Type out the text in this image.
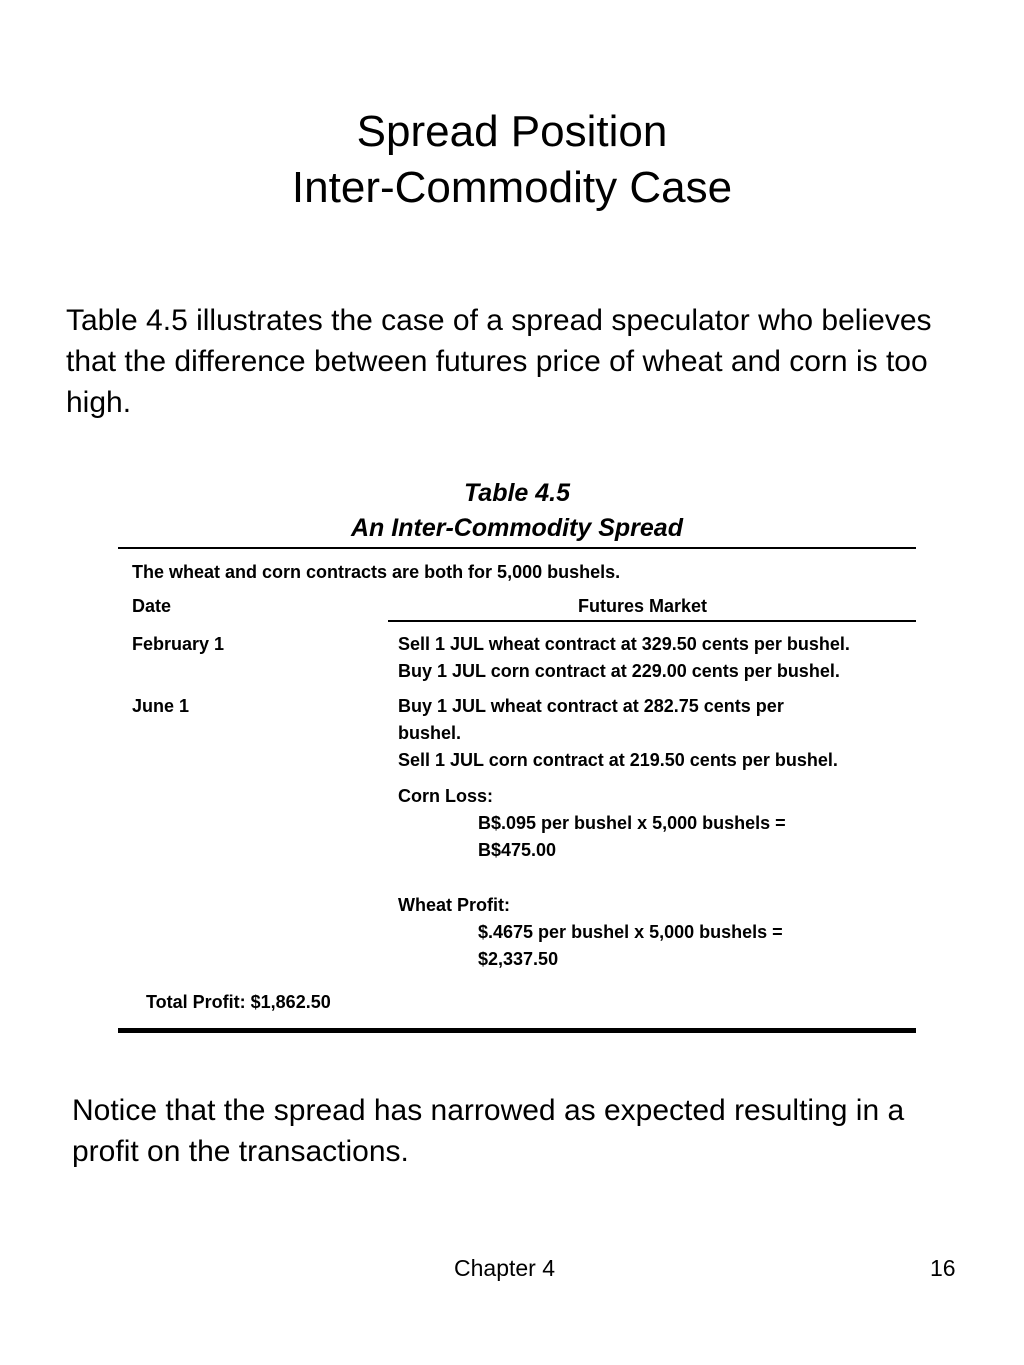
Spread Position
Inter-Commodity Case
Table 4.5 illustrates the case of a spread speculator who believes that the difference between futures price of wheat and corn is too high.
Table 4.5
An Inter-Commodity Spread
The wheat and corn contracts are both for 5,000 bushels.
Date	Futures Market
February 1	Sell 1 JUL wheat contract at 329.50 cents per bushel.
Buy 1 JUL corn contract at 229.00 cents per bushel.
June 1	Buy 1 JUL wheat contract at 282.75 cents per
bushel.
Sell 1 JUL corn contract at 219.50 cents per bushel.
Corn Loss:
B$.095 per bushel x 5,000 bushels =
B$475.00
Wheat Profit:
$.4675 per bushel x 5,000 bushels =
$2,337.50
Total Profit: $1,862.50
Notice that the spread has narrowed as expected resulting in a profit on the transactions.
Chapter 4	16
